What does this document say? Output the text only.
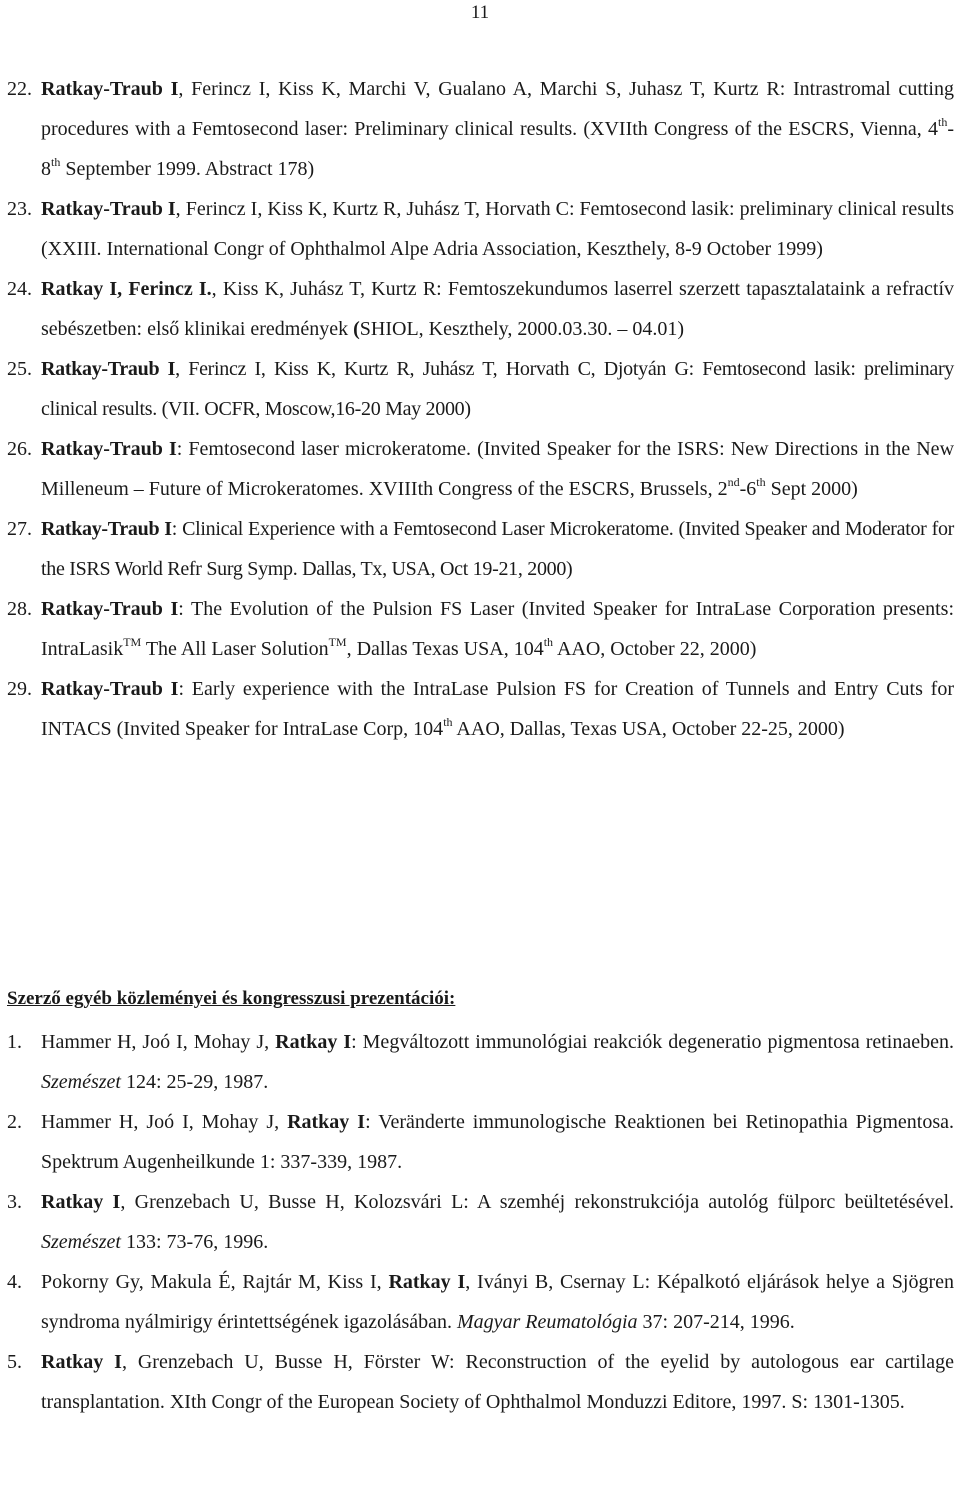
11
22. Ratkay-Traub I, Ferincz I, Kiss K, Marchi V, Gualano A, Marchi S, Juhasz T, Kurtz R: Intrastromal cutting procedures with a Femtosecond laser: Preliminary clinical results. (XVIIth Congress of the ESCRS, Vienna, 4th-8th September 1999. Abstract 178)
23. Ratkay-Traub I, Ferincz I, Kiss K, Kurtz R, Juhász T, Horvath C: Femtosecond lasik: preliminary clinical results (XXIII. International Congr of Ophthalmol Alpe Adria Association, Keszthely, 8-9 October 1999)
24. Ratkay I, Ferincz I., Kiss K, Juhász T, Kurtz R: Femtoszekundumos laserrel szerzett tapasztalataink a refractív sebészetben: első klinikai eredmények (SHIOL, Keszthely, 2000.03.30. – 04.01)
25. Ratkay-Traub I, Ferincz I, Kiss K, Kurtz R, Juhász T, Horvath C, Djotyán G: Femtosecond lasik: preliminary clinical results. (VII. OCFR, Moscow,16-20 May 2000)
26. Ratkay-Traub I: Femtosecond laser microkeratome. (Invited Speaker for the ISRS: New Directions in the New Milleneum – Future of Microkeratomes. XVIIIth Congress of the ESCRS, Brussels, 2nd-6th Sept 2000)
27. Ratkay-Traub I: Clinical Experience with a Femtosecond Laser Microkeratome. (Invited Speaker and Moderator for the ISRS World Refr Surg Symp. Dallas, Tx, USA, Oct 19-21, 2000)
28. Ratkay-Traub I: The Evolution of the Pulsion FS Laser (Invited Speaker for IntraLase Corporation presents: IntraLasik™ The All Laser Solution™, Dallas Texas USA, 104th AAO, October 22, 2000)
29. Ratkay-Traub I: Early experience with the IntraLase Pulsion FS for Creation of Tunnels and Entry Cuts for INTACS (Invited Speaker for IntraLase Corp, 104th AAO, Dallas, Texas USA, October 22-25, 2000)
Szerző egyéb közleményei és kongresszusi prezentációi:
1. Hammer H, Joó I, Mohay J, Ratkay I: Megváltozott immunológiai reakciók degeneratio pigmentosa retinaeben. Szemészet 124: 25-29, 1987.
2. Hammer H, Joó I, Mohay J, Ratkay I: Veränderte immunologische Reaktionen bei Retinopathia Pigmentosa. Spektrum Augenheilkunde 1: 337-339, 1987.
3. Ratkay I, Grenzebach U, Busse H, Kolozsvári L: A szemhéj rekonstrukciója autológ fülporc beültetésével. Szemészet 133: 73-76, 1996.
4. Pokorny Gy, Makula É, Rajtár M, Kiss I, Ratkay I, Iványi B, Csernay L: Képalkotó eljárások helye a Sjögren syndroma nyálmirigy érintettségének igazolásában. Magyar Reumatológia 37: 207-214, 1996.
5. Ratkay I, Grenzebach U, Busse H, Förster W: Reconstruction of the eyelid by autologous ear cartilage transplantation. XIth Congr of the European Society of Ophthalmol Monduzzi Editore, 1997. S: 1301-1305.
